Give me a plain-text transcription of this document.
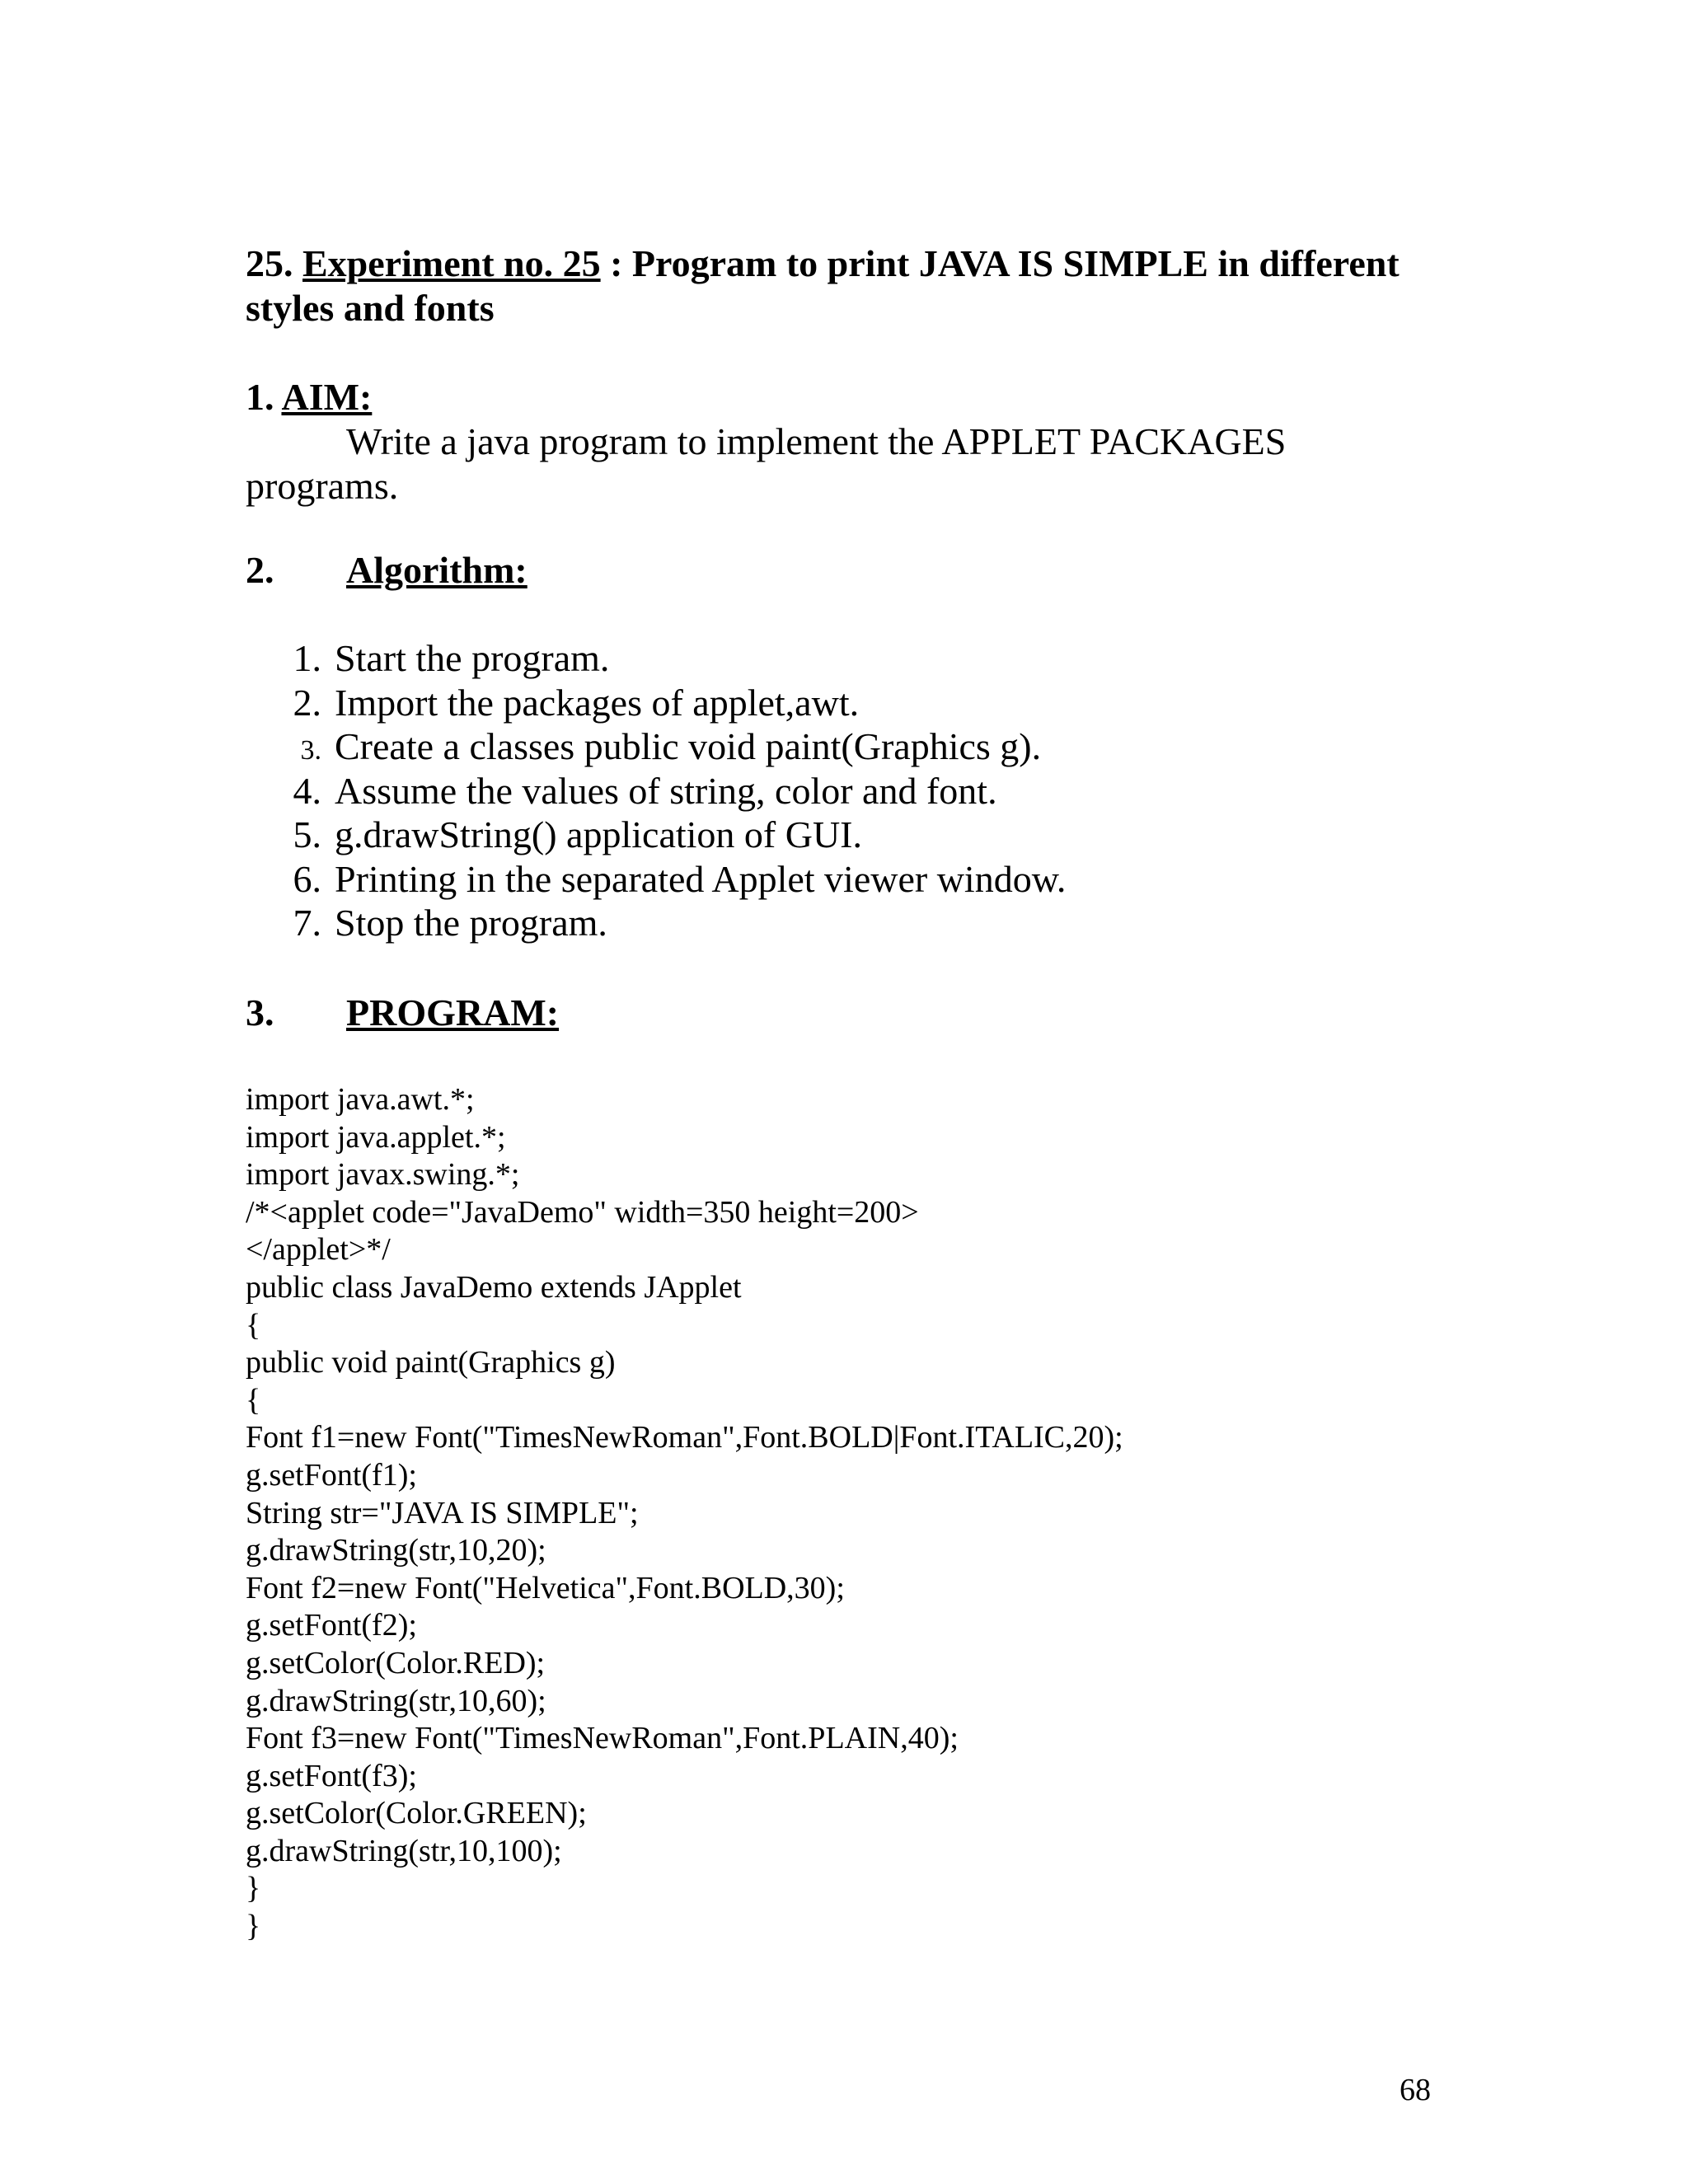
25. Experiment no. 25 : Program to print JAVA IS SIMPLE in different

styles and fonts

1. AIM:

Write a java program to implement the APPLET PACKAGES

programs.

2. Algorithm:

1. Start the program.
2. Import the packages of applet,awt.
3. Create a classes public void paint(Graphics g).
4. Assume the values of string, color and font.
5. g.drawString() application of GUI.
6. Printing in the separated Applet viewer window.
7. Stop the program.

3. PROGRAM:

import java.awt.*;
import java.applet.*;
import javax.swing.*;
/*<applet code="JavaDemo" width=350 height=200>
</applet>*/
public class JavaDemo extends JApplet
{
public void paint(Graphics g)
{
Font f1=new Font("TimesNewRoman",Font.BOLD|Font.ITALIC,20);
g.setFont(f1);
String str="JAVA IS SIMPLE";
g.drawString(str,10,20);
Font f2=new Font("Helvetica",Font.BOLD,30);
g.setFont(f2);
g.setColor(Color.RED);
g.drawString(str,10,60);
Font f3=new Font("TimesNewRoman",Font.PLAIN,40);
g.setFont(f3);
g.setColor(Color.GREEN);
g.drawString(str,10,100);
}
}
68
